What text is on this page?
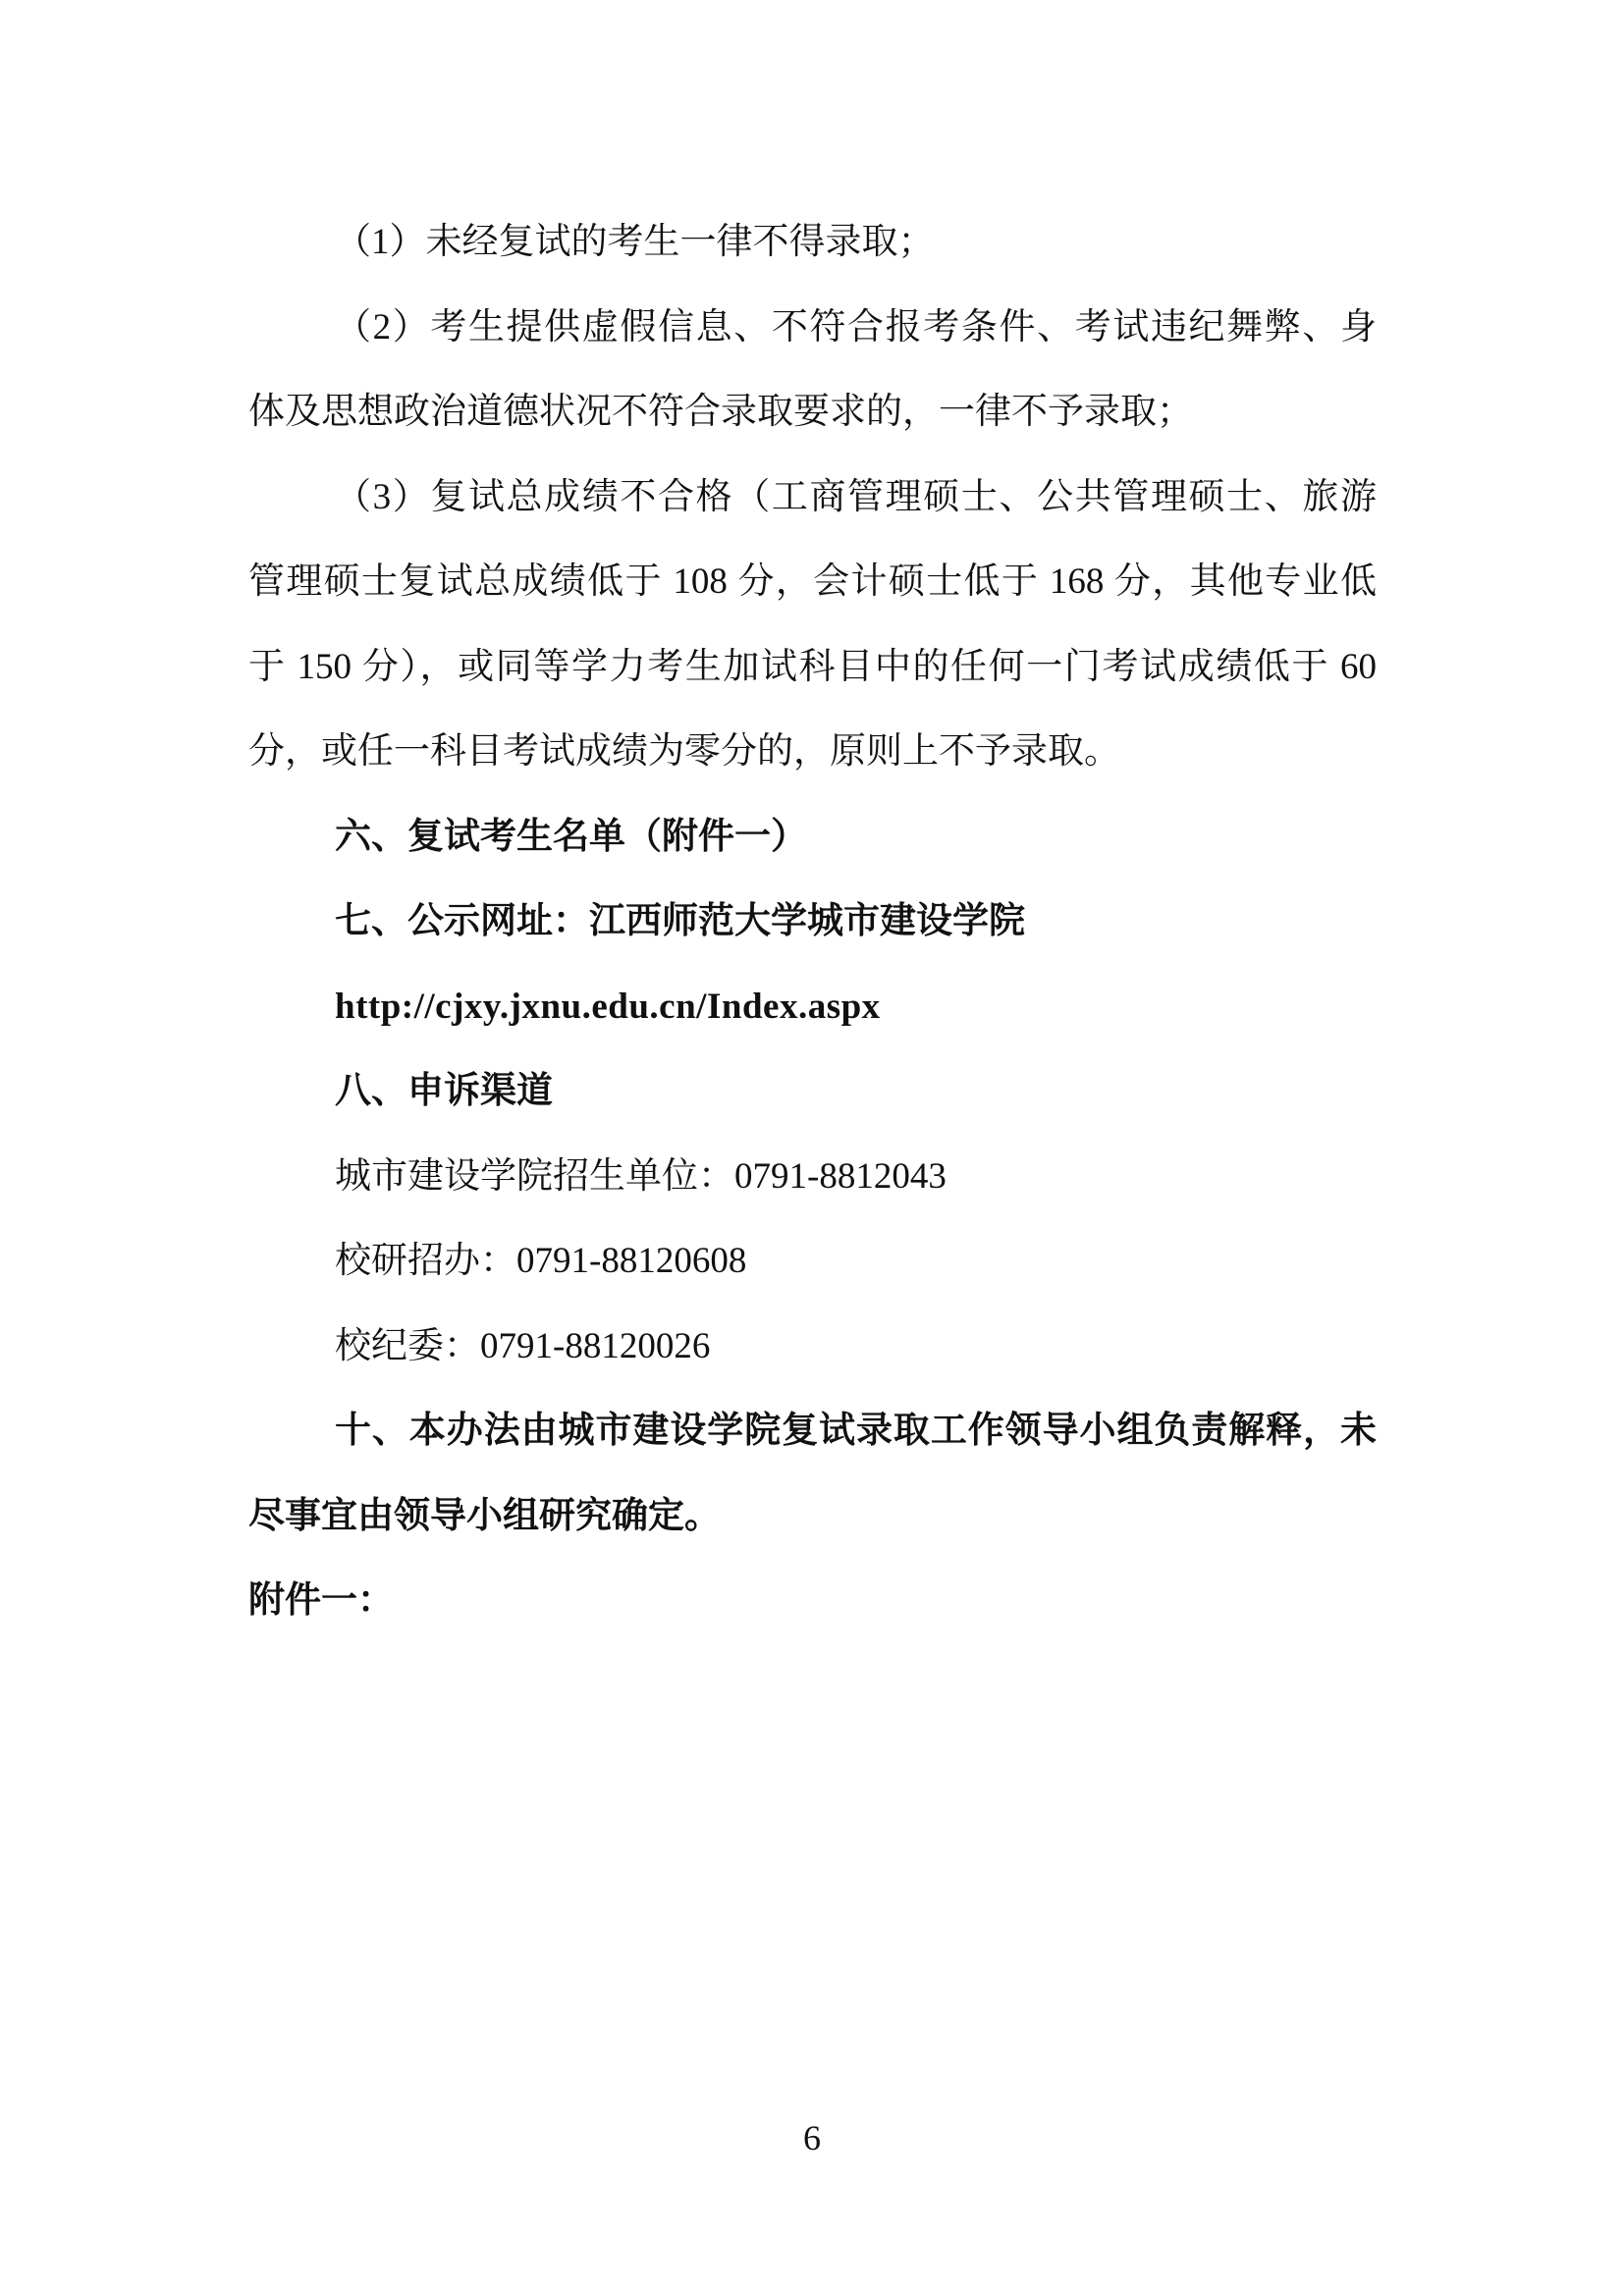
（1）未经复试的考生一律不得录取；
（2）考生提供虚假信息、不符合报考条件、考试违纪舞弊、身
体及思想政治道德状况不符合录取要求的，一律不予录取；
（3）复试总成绩不合格（工商管理硕士、公共管理硕士、旅游
管理硕士复试总成绩低于 108 分，会计硕士低于 168 分，其他专业低
于 150 分），或同等学力考生加试科目中的任何一门考试成绩低于 60
分，或任一科目考试成绩为零分的，原则上不予录取。
六、复试考生名单（附件一）
七、公示网址：江西师范大学城市建设学院
http://cjxy.jxnu.edu.cn/Index.aspx
八、申诉渠道
城市建设学院招生单位：0791-8812043
校研招办：0791-88120608
校纪委：0791-88120026
十、本办法由城市建设学院复试录取工作领导小组负责解释，未
尽事宜由领导小组研究确定。
附件一：
6
